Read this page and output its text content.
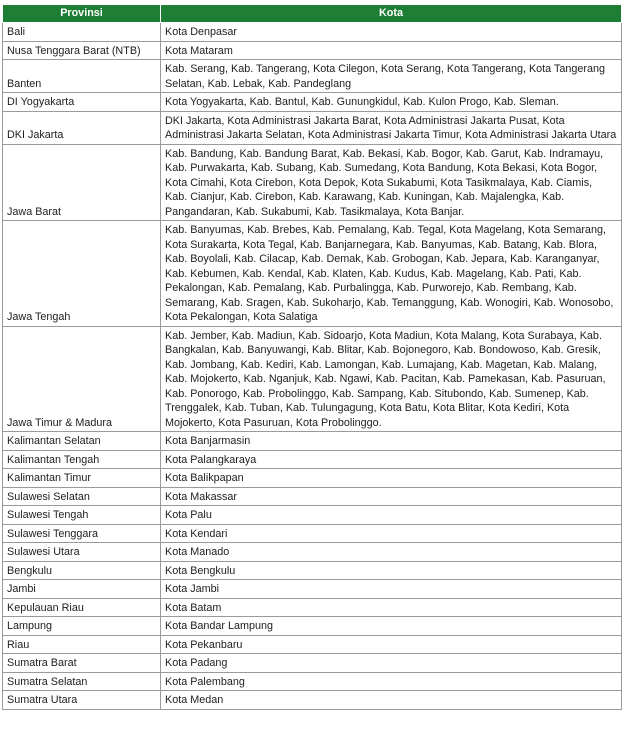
Provinsi	Kota
Bali	Kota Denpasar
Nusa Tenggara Barat (NTB)	Kota Mataram
Banten	Kab. Serang, Kab. Tangerang, Kota Cilegon, Kota Serang, Kota Tangerang, Kota Tangerang Selatan, Kab. Lebak, Kab. Pandeglang
DI Yogyakarta	Kota Yogyakarta, Kab. Bantul, Kab. Gunungkidul, Kab. Kulon Progo, Kab. Sleman.
DKI Jakarta	DKI Jakarta, Kota Administrasi Jakarta Barat, Kota Administrasi Jakarta Pusat, Kota Administrasi Jakarta Selatan, Kota Administrasi Jakarta Timur, Kota Administrasi Jakarta Utara
Jawa Barat	Kab. Bandung, Kab. Bandung Barat, Kab. Bekasi, Kab. Bogor, Kab. Garut, Kab. Indramayu, Kab. Purwakarta, Kab. Subang, Kab. Sumedang, Kota Bandung, Kota Bekasi, Kota Bogor, Kota Cimahi, Kota Cirebon, Kota Depok, Kota Sukabumi, Kota Tasikmalaya, Kab. Ciamis, Kab. Cianjur, Kab. Cirebon, Kab. Karawang, Kab. Kuningan, Kab. Majalengka, Kab. Pangandaran, Kab. Sukabumi, Kab. Tasikmalaya, Kota Banjar.
Jawa Tengah	Kab. Banyumas, Kab. Brebes, Kab. Pemalang, Kab. Tegal, Kota Magelang, Kota Semarang, Kota Surakarta, Kota Tegal, Kab. Banjarnegara, Kab. Banyumas, Kab. Batang, Kab. Blora, Kab. Boyolali, Kab. Cilacap, Kab. Demak, Kab. Grobogan, Kab. Jepara, Kab. Karanganyar, Kab. Kebumen, Kab. Kendal, Kab. Klaten, Kab. Kudus, Kab. Magelang, Kab. Pati, Kab. Pekalongan, Kab. Pemalang, Kab. Purbalingga, Kab. Purworejo, Kab. Rembang, Kab. Semarang, Kab. Sragen, Kab. Sukoharjo, Kab. Temanggung, Kab. Wonogiri, Kab. Wonosobo, Kota Pekalongan, Kota Salatiga
Jawa Timur & Madura	Kab. Jember, Kab. Madiun, Kab. Sidoarjo, Kota Madiun, Kota Malang, Kota Surabaya, Kab. Bangkalan, Kab. Banyuwangi, Kab. Blitar, Kab. Bojonegoro, Kab. Bondowoso, Kab. Gresik, Kab. Jombang, Kab. Kediri, Kab. Lamongan, Kab. Lumajang, Kab. Magetan, Kab. Malang, Kab. Mojokerto, Kab. Nganjuk, Kab. Ngawi, Kab. Pacitan, Kab. Pamekasan, Kab. Pasuruan, Kab. Ponorogo, Kab. Probolinggo, Kab. Sampang, Kab. Situbondo, Kab. Sumenep, Kab. Trenggalek, Kab. Tuban, Kab. Tulungagung, Kota Batu, Kota Blitar, Kota Kediri, Kota Mojokerto, Kota Pasuruan, Kota Probolinggo.
Kalimantan Selatan	Kota Banjarmasin
Kalimantan Tengah	Kota Palangkaraya
Kalimantan Timur	Kota Balikpapan
Sulawesi Selatan	Kota Makassar
Sulawesi Tengah	Kota Palu
Sulawesi Tenggara	Kota Kendari
Sulawesi Utara	Kota Manado
Bengkulu	Kota Bengkulu
Jambi	Kota Jambi
Kepulauan Riau	Kota Batam
Lampung	Kota Bandar Lampung
Riau	Kota Pekanbaru
Sumatra Barat	Kota Padang
Sumatra Selatan	Kota Palembang
Sumatra Utara	Kota Medan
